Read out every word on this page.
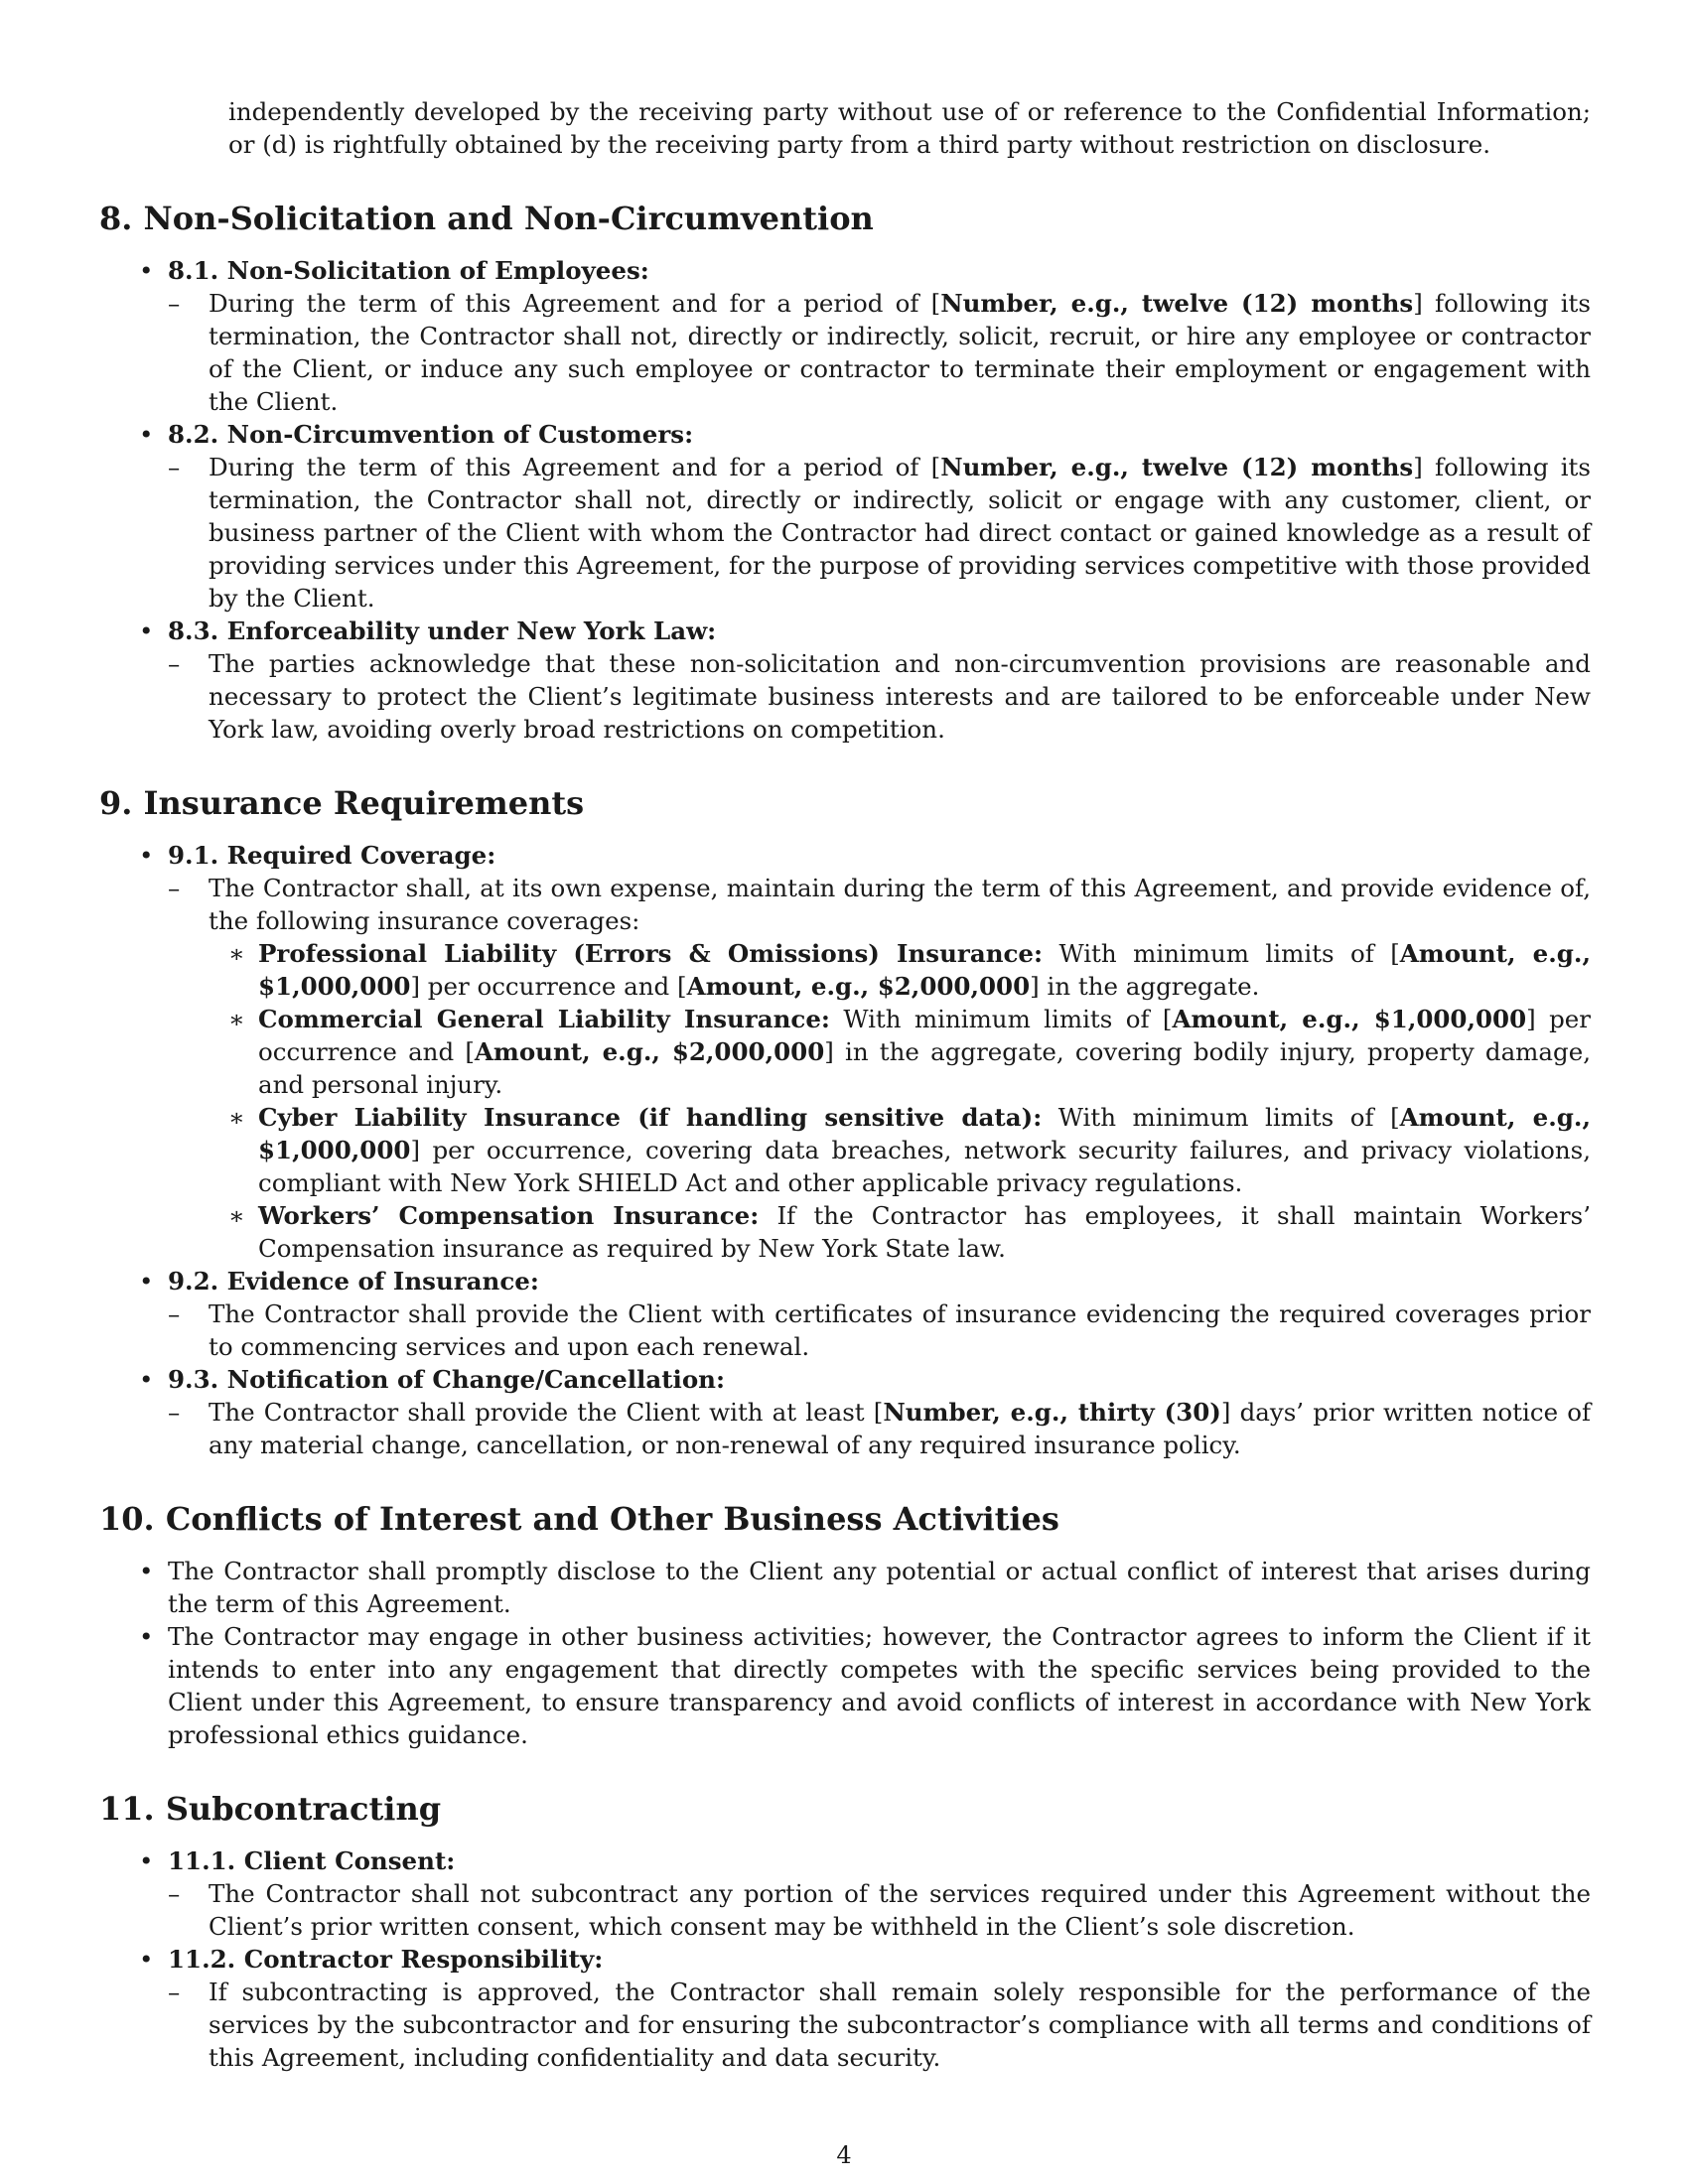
independently developed by the receiving party without use of or reference to the Confidential Information; or (d) is rightfully obtained by the receiving party from a third party without restriction on disclosure.
8. Non-Solicitation and Non-Circumvention
• 8.1. Non-Solicitation of Employees:
– During the term of this Agreement and for a period of [Number, e.g., twelve (12) months] following its termination, the Contractor shall not, directly or indirectly, solicit, recruit, or hire any employee or contractor of the Client, or induce any such employee or contractor to terminate their employment or engagement with the Client.
• 8.2. Non-Circumvention of Customers:
– During the term of this Agreement and for a period of [Number, e.g., twelve (12) months] following its termination, the Contractor shall not, directly or indirectly, solicit or engage with any customer, client, or business partner of the Client with whom the Contractor had direct contact or gained knowledge as a result of providing services under this Agreement, for the purpose of providing services competitive with those provided by the Client.
• 8.3. Enforceability under New York Law:
– The parties acknowledge that these non-solicitation and non-circumvention provisions are reasonable and necessary to protect the Client’s legitimate business interests and are tailored to be enforceable under New York law, avoiding overly broad restrictions on competition.
9. Insurance Requirements
• 9.1. Required Coverage:
– The Contractor shall, at its own expense, maintain during the term of this Agreement, and provide evidence of, the following insurance coverages:
∗ Professional Liability (Errors & Omissions) Insurance: With minimum limits of [Amount, e.g., $1,000,000] per occurrence and [Amount, e.g., $2,000,000] in the aggregate.
∗ Commercial General Liability Insurance: With minimum limits of [Amount, e.g., $1,000,000] per occurrence and [Amount, e.g., $2,000,000] in the aggregate, covering bodily injury, property damage, and personal injury.
∗ Cyber Liability Insurance (if handling sensitive data): With minimum limits of [Amount, e.g., $1,000,000] per occurrence, covering data breaches, network security failures, and privacy violations, compliant with New York SHIELD Act and other applicable privacy regulations.
∗ Workers’ Compensation Insurance: If the Contractor has employees, it shall maintain Workers’ Compensation insurance as required by New York State law.
• 9.2. Evidence of Insurance:
– The Contractor shall provide the Client with certificates of insurance evidencing the required coverages prior to commencing services and upon each renewal.
• 9.3. Notification of Change/Cancellation:
– The Contractor shall provide the Client with at least [Number, e.g., thirty (30)] days’ prior written notice of any material change, cancellation, or non-renewal of any required insurance policy.
10. Conflicts of Interest and Other Business Activities
• The Contractor shall promptly disclose to the Client any potential or actual conflict of interest that arises during the term of this Agreement.
• The Contractor may engage in other business activities; however, the Contractor agrees to inform the Client if it intends to enter into any engagement that directly competes with the specific services being provided to the Client under this Agreement, to ensure transparency and avoid conflicts of interest in accordance with New York professional ethics guidance.
11. Subcontracting
• 11.1. Client Consent:
– The Contractor shall not subcontract any portion of the services required under this Agreement without the Client’s prior written consent, which consent may be withheld in the Client’s sole discretion.
• 11.2. Contractor Responsibility:
– If subcontracting is approved, the Contractor shall remain solely responsible for the performance of the services by the subcontractor and for ensuring the subcontractor’s compliance with all terms and conditions of this Agreement, including confidentiality and data security.
4
